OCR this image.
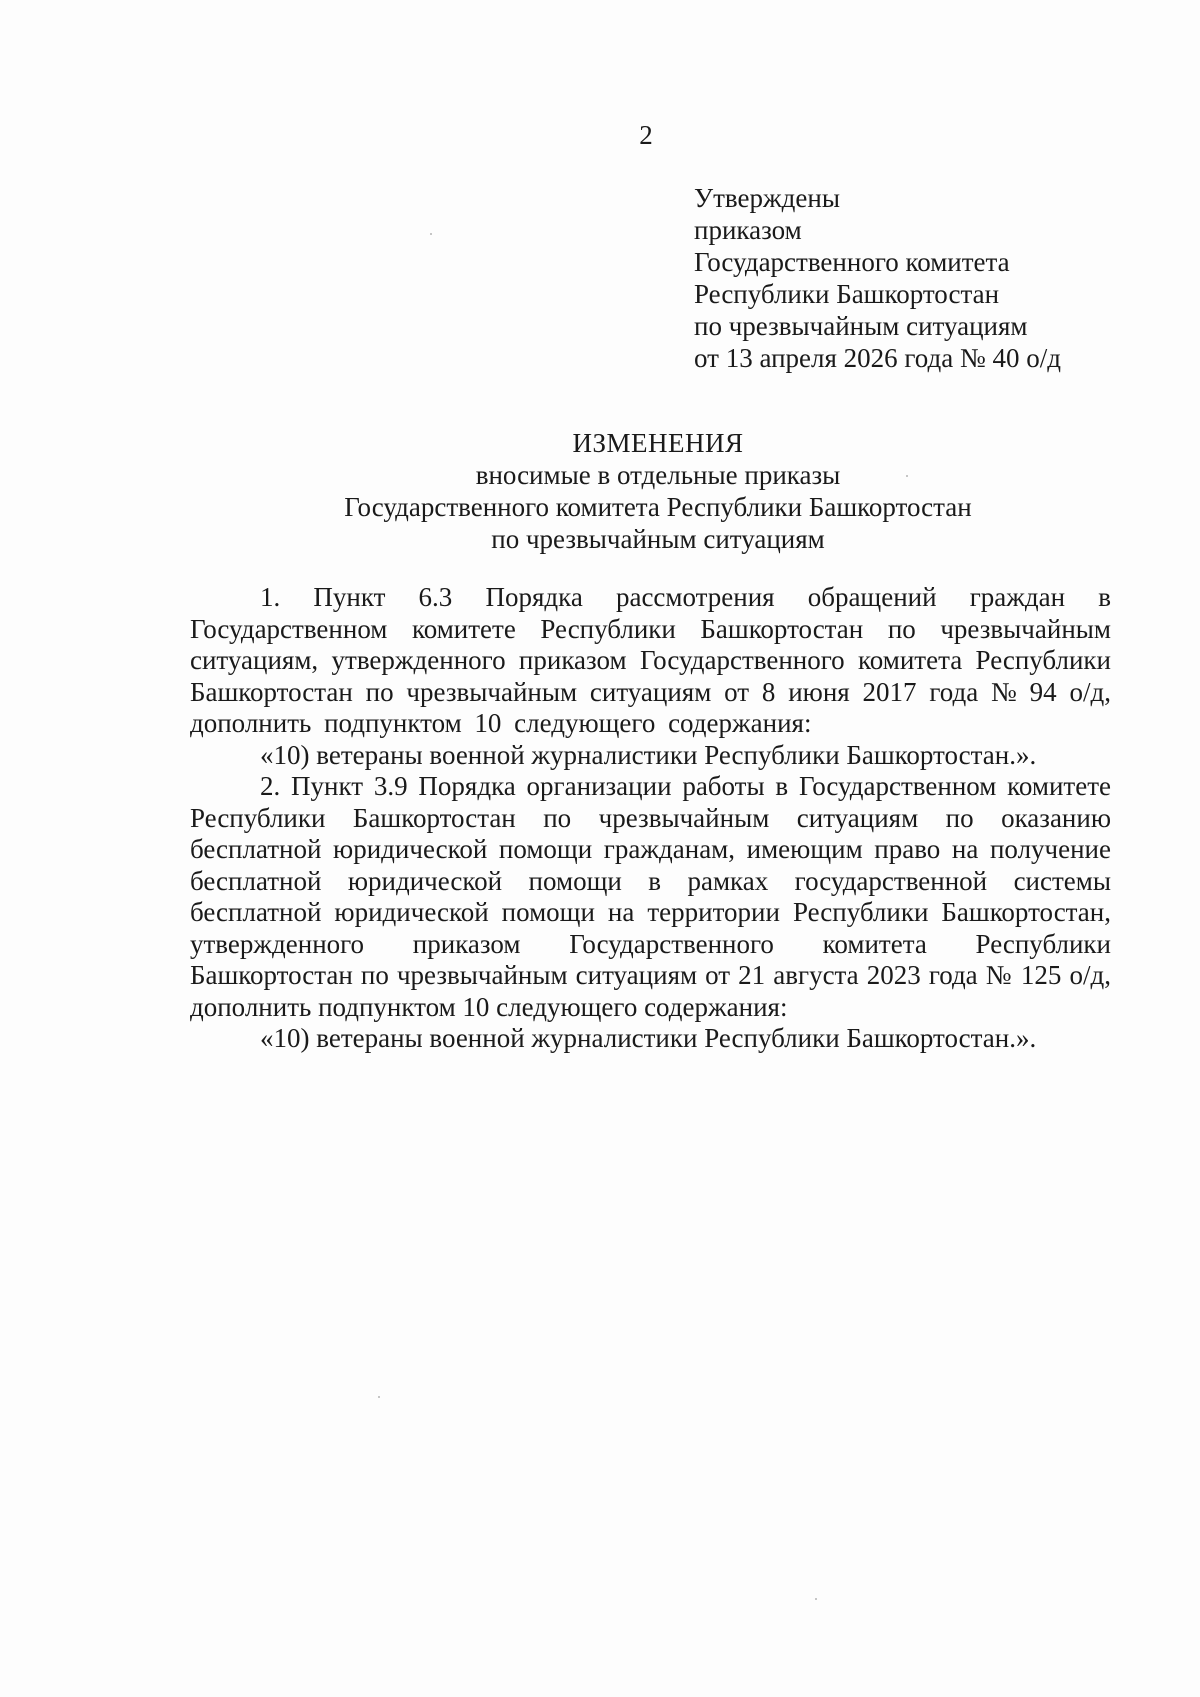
2
Утверждены
приказом
Государственного комитета
Республики Башкортостан
по чрезвычайным ситуациям
от 13 апреля 2026 года № 40 о/д
ИЗМЕНЕНИЯ
вносимые в отдельные приказы
Государственного комитета Республики Башкортостан
по чрезвычайным ситуациям

1. Пункт 6.3 Порядка рассмотрения обращений граждан в Государственном комитете Республики Башкортостан по чрезвычайным ситуациям, утвержденного приказом Государственного комитета Республики Башкортостан по чрезвычайным ситуациям от 8 июня 2017 года № 94 о/д, дополнить подпунктом 10 следующего содержания:

«10) ветераны военной журналистики Республики Башкортостан.».

2. Пункт 3.9 Порядка организации работы в Государственном комитете Республики Башкортостан по чрезвычайным ситуациям по оказанию бесплатной юридической помощи гражданам, имеющим право на получение бесплатной юридической помощи в рамках государственной системы бесплатной юридической помощи на территории Республики Башкортостан, утвержденного приказом Государственного комитета Республики Башкортостан по чрезвычайным ситуациям от 21 августа 2023 года № 125 о/д, дополнить подпунктом 10 следующего содержания:

«10) ветераны военной журналистики Республики Башкортостан.».
